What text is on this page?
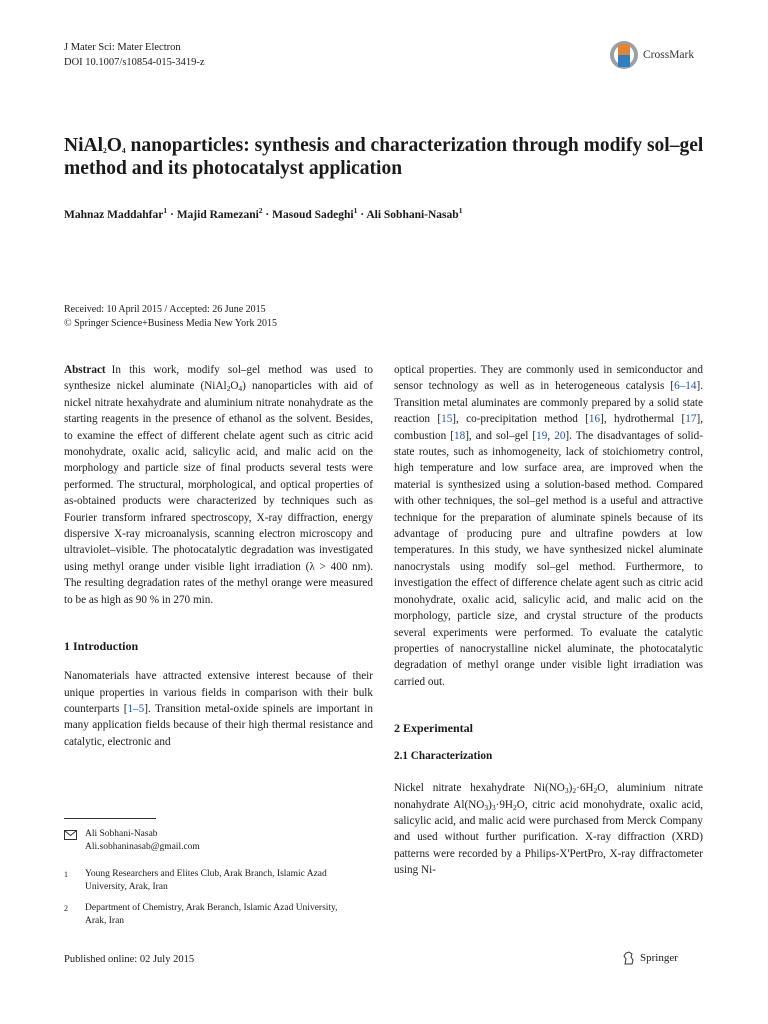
J Mater Sci: Mater Electron
DOI 10.1007/s10854-015-3419-z
CrossMark
$NiAl_2O_4$ nanoparticles: synthesis and characterization through modify sol–gel method and its photocatalyst application
Mahnaz Maddahfar$^1$ · Majid Ramezani$^2$ · Masoud Sadeghi$^1$ · Ali Sobhani-Nasab$^1$
Received: 10 April 2015 / Accepted: 26 June 2015
© Springer Science+Business Media New York 2015

Abstract In this work, modify sol–gel method was used to synthesize nickel aluminate $(NiAl_2O_4)$ nanoparticles with aid of nickel nitrate hexahydrate and aluminium nitrate nonahydrate as the starting reagents in the presence of ethanol as the solvent. Besides, to examine the effect of different chelate agent such as citric acid monohydrate, oxalic acid, salicylic acid, and malic acid on the morphology and particle size of final products several tests were performed. The structural, morphological, and optical properties of as-obtained products were characterized by techniques such as Fourier transform infrared spectroscopy, X-ray diffraction, energy dispersive X-ray microanalysis, scanning electron microscopy and ultraviolet–visible. The photocatalytic degradation was investigated using methyl orange under visible light irradiation (λ > 400 nm). The resulting degradation rates of the methyl orange were measured to be as high as 90 % in 270 min.

1 Introduction

Nanomaterials have attracted extensive interest because of their unique properties in various fields in comparison with their bulk counterparts [1–5]. Transition metal-oxide spinels are important in many application fields because of their high thermal resistance and catalytic, electronic and

optical properties. They are commonly used in semiconductor and sensor technology as well as in heterogeneous catalysis [6–14]. Transition metal aluminates are commonly prepared by a solid state reaction [15], co-precipitation method [16], hydrothermal [17], combustion [18], and sol–gel [19, 20]. The disadvantages of solid-state routes, such as inhomogeneity, lack of stoichiometry control, high temperature and low surface area, are improved when the material is synthesized using a solution-based method. Compared with other techniques, the sol–gel method is a useful and attractive technique for the preparation of aluminate spinels because of its advantage of producing pure and ultrafine powders at low temperatures. In this study, we have synthesized nickel aluminate nanocrystals using modify sol–gel method. Furthermore, to investigation the effect of difference chelate agent such as citric acid monohydrate, oxalic acid, salicylic acid, and malic acid on the morphology, particle size, and crystal structure of the products several experiments were performed. To evaluate the catalytic properties of nanocrystalline nickel aluminate, the photocatalytic degradation of methyl orange under visible light irradiation was carried out.

2 Experimental
2.1 Characterization

Nickel nitrate hexahydrate $Ni(NO_3)_2\cdot 6H_2O$, aluminium nitrate nonahydrate $Al(NO_3)_3\cdot 9H_2O$, citric acid monohydrate, oxalic acid, salicylic acid, and malic acid were purchased from Merck Company and used without further purification. X-ray diffraction (XRD) patterns were recorded by a Philips-X'PertPro, X-ray diffractometer using Ni-

Ali Sobhani-Nasab
Ali.sobhaninasab@gmail.com
1	Young Researchers and Elites Club, Arak Branch, Islamic Azad University, Arak, Iran
2	Department of Chemistry, Arak Beranch, Islamic Azad University, Arak, Iran
Published online: 02 July 2015	Springer
